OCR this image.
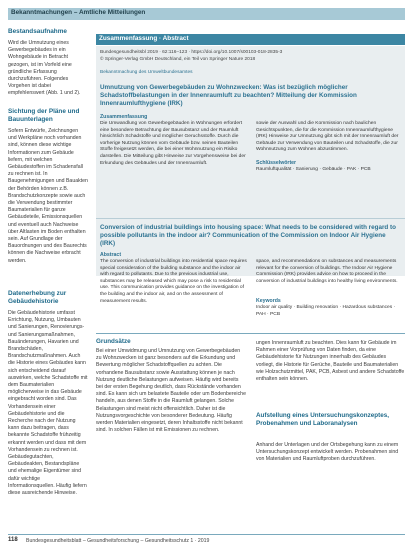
Bekanntmachungen – Amtliche Mitteilungen
Bestandsaufnahme

Wird die Umnutzung eines Gewerbegebäudes in ein Wohngebäude in Betracht gezogen, ist im Vorfeld eine gründliche Erfassung durchzuführen. Folgendes Vorgehen ist dabei empfehlenswert (Abb. 1 und 2).

Sichtung der Pläne und Bauunterlagen

Sofern Entwürfe, Zeichnungen und Werkpläne noch vorhanden sind, können diese wichtige Informationen zum Gebäude liefern, mit welchen Gebäudestoffen im Schadensfall zu rechnen ist. In Baugenehmigungen und Bauakten der Behörden können z.B. Brandschutzkonzepte sowie auch die Verwendung bestimmter Baumaterialien für ganze Gebäudeteile, Emissionsquellen und eventuell auch Nachweise über Altlasten im Boden enthalten sein. Auf Grundlage der Bauordnungen und des Baurechts können die Nachweise erbracht werden.

Datenerhebung zur Gebäudehistorie

Die Gebäudehistorie umfasst Errichtung, Nutzung, Umbauten und Sanierungen, Renovierungs- und Sanierungsmaßnahmen, Bauänderungen, Havarien und Brandschäden, Brandschutzmaßnahmen. Auch die Historie eines Gebäudes kann sich entscheidend darauf auswirken, welche Schadstoffe mit dem Baumaterialien möglicherweise in das Gebäude eingebracht worden sind. Das Vorhandensein einer Gebäudehistorie und die Recherche nach der Nutzung kann dazu beitragen, dass bekannte Schadstoffe frühzeitig erkannt werden und dass mit dem Vorhandensein zu rechnen ist. Gebäudegutachten, Gebäudeakten, Bestandspläne und ehemalige Eigentümer sind dafür wichtige Informationsquellen. Häufig liefern diese ausreichende Hinweise.

Zusammenfassung · Abstract
Bundesgesundheitsbl 2019 · 62:116–123 · https://doi.org/10.1007/s00103-018-2835-3
© Springer-Verlag GmbH Deutschland, ein Teil von Springer Nature 2018
Bekanntmachung des Umweltbundesamtes
Umnutzung von Gewerbegebäuden zu Wohnzwecken: Was ist bezüglich möglicher Schadstoffbelastungen in der Innenraumluft zu beachten? Mitteilung der Kommission Innenraumlufthygiene (IRK)
Zusammenfassung
Die Umwandlung von Gewerbegebäuden in Wohnungen erfordert eine besondere Betrachtung der Bausubstanz und der Raumluft hinsichtlich Schadstoffe und möglicher Geruchsstoffe. Durch die vorherige Nutzung können vom Gebäude bzw. seinen Bauteilen Stoffe freigesetzt werden, die bei einer Wohnnutzung ein Risiko darstellen. Die Mitteilung gibt Hinweise zur Vorgehensweise bei der Erkundung des Gebäudes und der Innenraumluft.
sowie der Auswahl und die Kommission nach baulichen Gesichtspunkten, die für die Kommission Innenraumlufthygiene (IRK) Hinweise zur Umnutzung gibt sich mit der Innenraumluft der Gebäude zur Verwendung von Bauteilen und Schadstoffe, die zur Wohnnutzung zum Wohnen abzustimmen.
Schlüsselwörter
Raumluftqualität · Sanierung · Gebäude · PAK · PCB
Conversion of industrial buildings into housing space: What needs to be considered with regard to possible pollutants in the indoor air? Communication of the Commission on Indoor Air Hygiene (IRK)
Abstract
The conversion of industrial buildings into residential space requires special consideration of the building substance and the indoor air with regard to pollutants. Due to the previous industrial use, substances may be released which may pose a risk to residential use. This communication provides guidance on the investigation of the building and the indoor air, and on the assessment of measurement results.
space, and recommendations on substances and measurements relevant for the conversion of buildings. The Indoor Air Hygiene Commission (IRK) provides advice on how to proceed in the conversion of industrial buildings into healthy living environments.
Keywords
Indoor air quality · Building renovation · Hazardous substances · PAH · PCB
Grundsätze
Bei einer Umwidmung und Umnutzung von Gewerbegebäuden zu Wohnzwecken ist ganz besonders auf die Erkundung und Bewertung möglicher Schadstoffquellen zu achten. Die vorhandene Bausubstanz sowie Ausstattung können je nach Nutzung deutliche Belastungen aufweisen. Häufig wird bereits bei der ersten Begehung deutlich, dass Rückstände vorhanden sind. Es kann sich um belastete Bauteile oder um Bodenbereiche handeln, aus denen Stoffe in die Raumluft gelangen. Solche Belastungen sind meist nicht offensichtlich. Daher ist die Nutzungsvorgeschichte von besonderer Bedeutung. Häufig werden Materialien eingesetzt, deren Inhaltsstoffe nicht bekannt sind. In solchen Fällen ist mit Emissionen zu rechnen.
ungen Innenraumluft zu beachten. Dies kann für Gebäude im Rahmen einer Vorprüfung von Daten finden, da eine Gebäudehistorie für Nutzungen innerhalb des Gebäudes vorliegt, die Historie für Gerüche, Bauteile und Baumaterialien wie Holzschutzmittel, PAK, PCB, Asbest und andere Schadstoffe enthalten sein können.
Aufstellung eines Untersuchungskonzeptes, Probenahmen und Laboranalysen
Anhand der Unterlagen und der Ortsbegehung kann zu einem Untersuchungskonzept entwickelt werden. Probenahmen sind von Materialien und Raumluftproben durchzuführen.
118 Bundesgesundheitsblatt – Gesundheitsforschung – Gesundheitsschutz 1 · 2019
